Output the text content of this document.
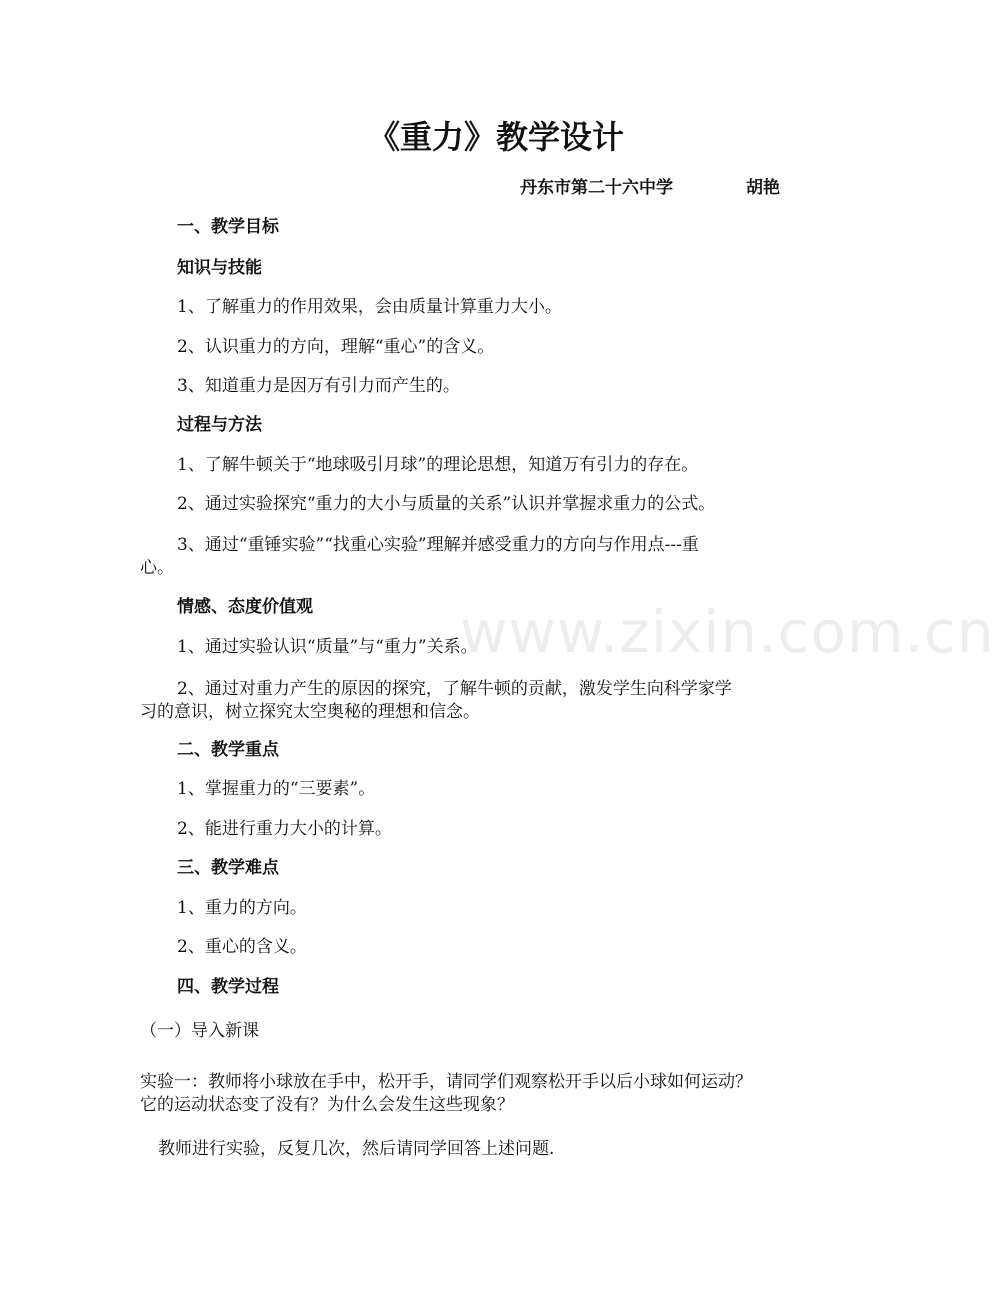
www.zixin.com.cn
《重力》教学设计
丹东市第二十六中学	胡艳
一、教学目标
知识与技能
1、了解重力的作用效果，会由质量计算重力大小。
2、认识重力的方向，理解“重心”的含义。
3、知道重力是因万有引力而产生的。
过程与方法
1、了解牛顿关于“地球吸引月球”的理论思想，知道万有引力的存在。
2、通过实验探究“重力的大小与质量的关系”认识并掌握求重力的公式。
3、通过“重锤实验”“找重心实验”理解并感受重力的方向与作用点---重
心。
情感、态度价值观
1、通过实验认识“质量”与“重力”关系。
2、通过对重力产生的原因的探究，了解牛顿的贡献，激发学生向科学家学
习的意识，树立探究太空奥秘的理想和信念。
二、教学重点
1、掌握重力的“三要素”。
2、能进行重力大小的计算。
三、教学难点
1、重力的方向。
2、重心的含义。
四、教学过程
（一）导入新课
实验一：教师将小球放在手中，松开手，请同学们观察松开手以后小球如何运动？
它的运动状态变了没有？为什么会发生这些现象？
教师进行实验，反复几次，然后请同学回答上述问题.
